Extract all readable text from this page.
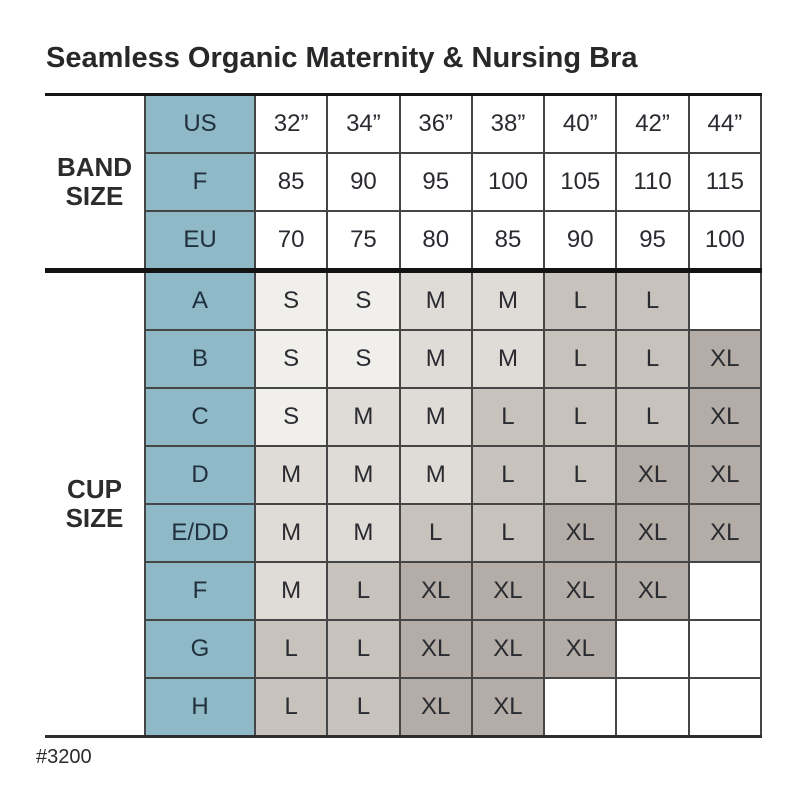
Seamless Organic Maternity & Nursing Bra
BAND
SIZE	US	32”	34”	36”	38”	40”	42”	44”
	F	85	90	95	100	105	110	115
	EU	70	75	80	85	90	95	100
CUP
SIZE	A	S	S	M	M	L	L	
	B	S	S	M	M	L	L	XL
	C	S	M	M	L	L	L	XL
	D	M	M	M	L	L	XL	XL
	E/DD	M	M	L	L	XL	XL	XL
	F	M	L	XL	XL	XL	XL	
	G	L	L	XL	XL	XL		
	H	L	L	XL	XL			
#3200
